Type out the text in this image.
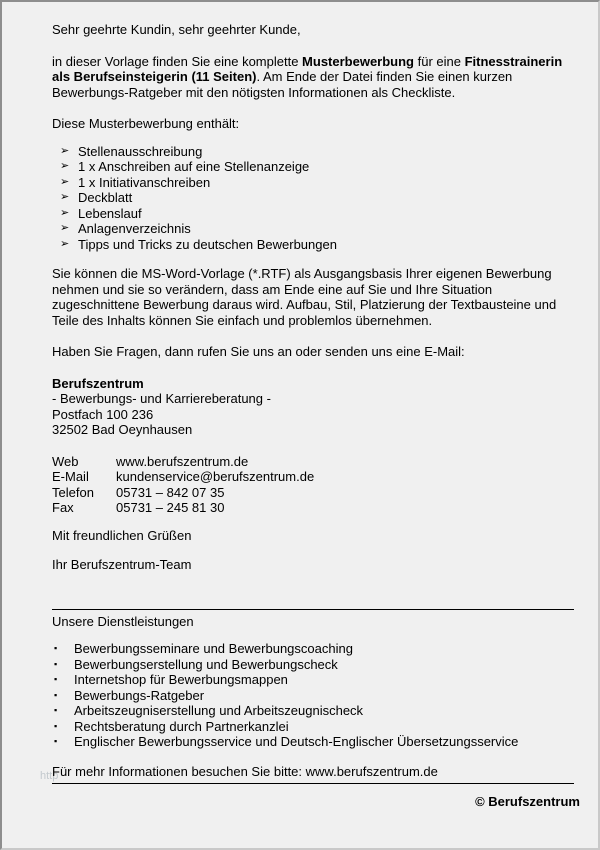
Sehr geehrte Kundin, sehr geehrter Kunde,

in dieser Vorlage finden Sie eine komplette Musterbewerbung für eine Fitnesstrainerin als Berufseinsteigerin (11 Seiten). Am Ende der Datei finden Sie einen kurzen Bewerbungs-Ratgeber mit den nötigsten Informationen als Checkliste.

Diese Musterbewerbung enthält:

➢ Stellenausschreibung
➢ 1 x Anschreiben auf eine Stellenanzeige
➢ 1 x Initiativanschreiben
➢ Deckblatt
➢ Lebenslauf
➢ Anlagenverzeichnis
➢ Tipps und Tricks zu deutschen Bewerbungen

Sie können die MS-Word-Vorlage (*.RTF) als Ausgangsbasis Ihrer eigenen Bewerbung nehmen und sie so verändern, dass am Ende eine auf Sie und Ihre Situation zugeschnittene Bewerbung daraus wird. Aufbau, Stil, Platzierung der Textbausteine und Teile des Inhalts können Sie einfach und problemlos übernehmen.

Haben Sie Fragen, dann rufen Sie uns an oder senden uns eine E-Mail:

Berufszentrum
- Bewerbungs- und Karriereberatung -
Postfach 100 236
32502 Bad Oeynhausen
Web	www.berufszentrum.de
E-Mail	kundenservice@berufszentrum.de
Telefon	05731 – 842 07 35
Fax	05731 – 245 81 30

Mit freundlichen Grüßen

Ihr Berufszentrum-Team

Unsere Dienstleistungen
▪	Bewerbungsseminare und Bewerbungscoaching
▪	Bewerbungserstellung und Bewerbungscheck
▪	Internetshop für Bewerbungsmappen
▪	Bewerbungs-Ratgeber
▪	Arbeitszeugniserstellung und Arbeitszeugnischeck
▪	Rechtsberatung durch Partnerkanzlei
▪	Englischer Bewerbungsservice und Deutsch-Englischer Übersetzungsservice
http
Für mehr Informationen besuchen Sie bitte: www.berufszentrum.de
© Berufszentrum
